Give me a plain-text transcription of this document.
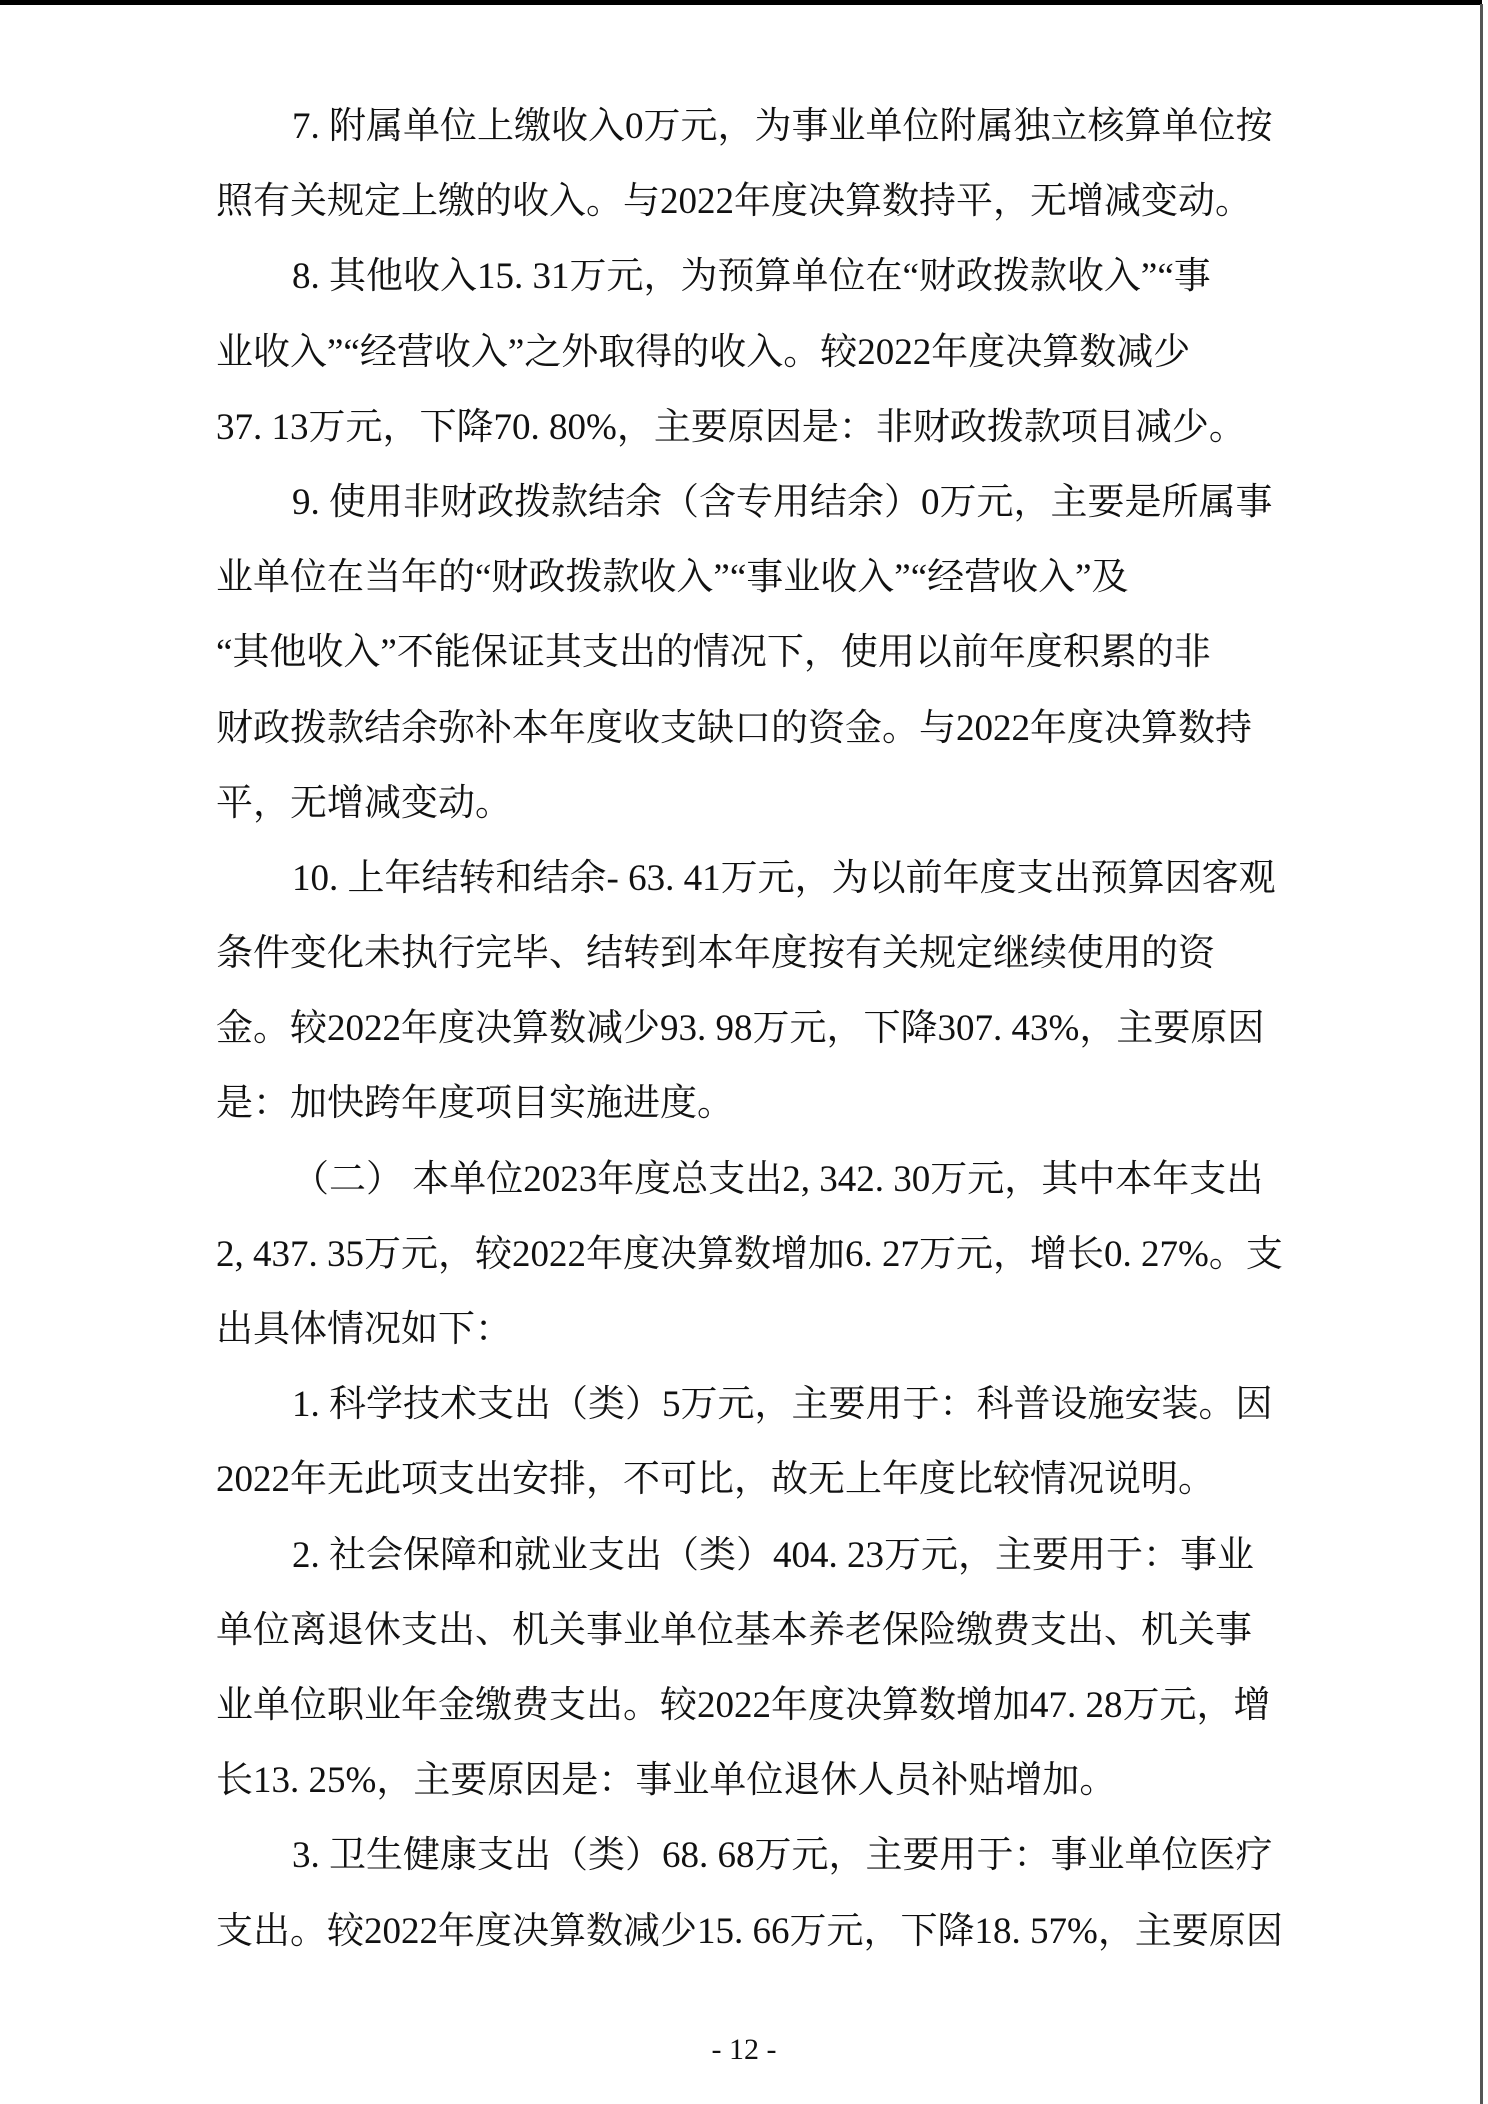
7. 附属单位上缴收入0万元，为事业单位附属独立核算单位按
照有关规定上缴的收入。与2022年度决算数持平，无增减变动。
8. 其他收入15. 31万元，为预算单位在“财政拨款收入”“事
业收入”“经营收入”之外取得的收入。较2022年度决算数减少
37. 13万元，下降70. 80%，主要原因是：非财政拨款项目减少。
9. 使用非财政拨款结余（含专用结余）0万元，主要是所属事
业单位在当年的“财政拨款收入”“事业收入”“经营收入”及
“其他收入”不能保证其支出的情况下，使用以前年度积累的非
财政拨款结余弥补本年度收支缺口的资金。与2022年度决算数持
平，无增减变动。
10. 上年结转和结余- 63. 41万元，为以前年度支出预算因客观
条件变化未执行完毕、结转到本年度按有关规定继续使用的资
金。较2022年度决算数减少93. 98万元，下降307. 43%，主要原因
是：加快跨年度项目实施进度。
（二） 本单位2023年度总支出2, 342. 30万元，其中本年支出
2, 437. 35万元，较2022年度决算数增加6. 27万元，增长0. 27%。支
出具体情况如下：
1. 科学技术支出（类）5万元，主要用于：科普设施安装。因
2022年无此项支出安排，不可比，故无上年度比较情况说明。
2. 社会保障和就业支出（类）404. 23万元，主要用于：事业
单位离退休支出、机关事业单位基本养老保险缴费支出、机关事
业单位职业年金缴费支出。较2022年度决算数增加47. 28万元，增
长13. 25%，主要原因是：事业单位退休人员补贴增加。
3. 卫生健康支出（类）68. 68万元，主要用于：事业单位医疗
支出。较2022年度决算数减少15. 66万元，下降18. 57%，主要原因
- 12 -
